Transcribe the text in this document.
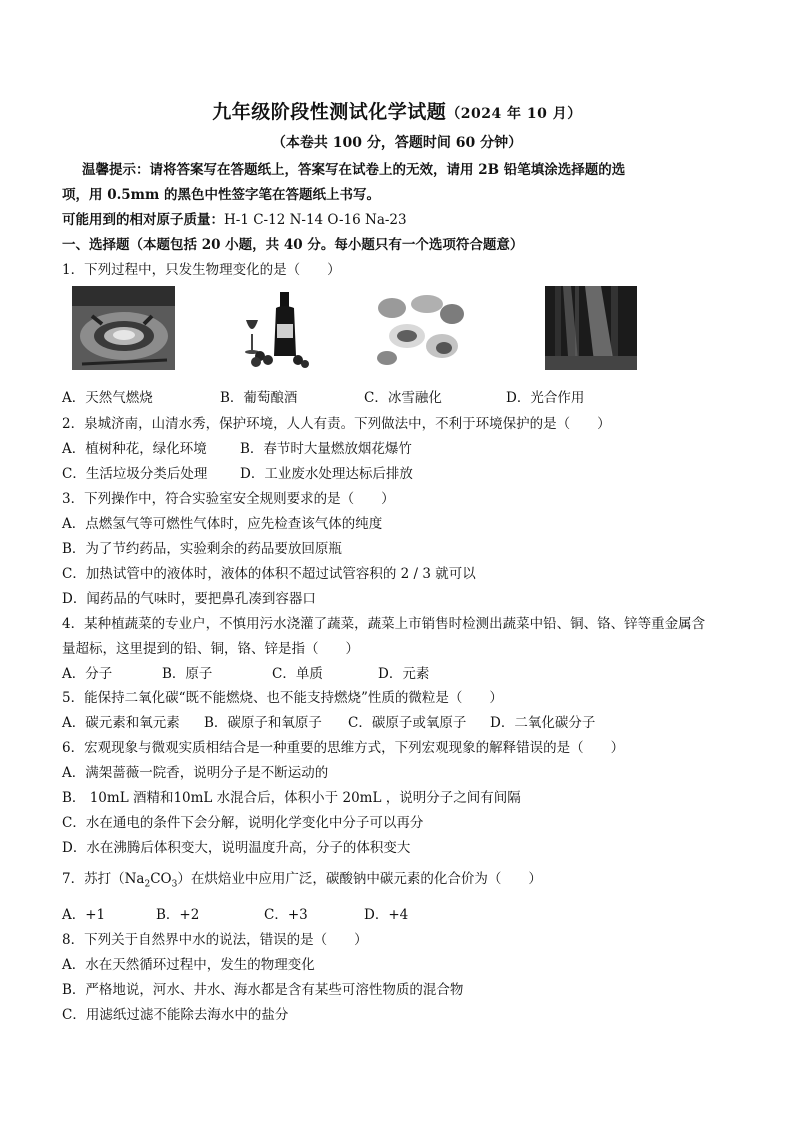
九年级阶段性测试化学试题（2024 年 10 月）
（本卷共 100 分，答题时间 60 分钟）
温馨提示：请将答案写在答题纸上，答案写在试卷上的无效，请用 2B 铅笔填涂选择题的选
项，用 0.5mm 的黑色中性签字笔在答题纸上书写。
可能用到的相对原子质量：H-1 C-12 N-14 O-16 Na-23
一、选择题（本题包括 20 小题，共 40 分。每小题只有一个选项符合题意）
1．下列过程中，只发生物理变化的是（　　）
A．天然气燃烧	B．葡萄酿酒	C．冰雪融化	D．光合作用
2．泉城济南，山清水秀，保护环境，人人有责。下列做法中，不利于环境保护的是（　　）
A．植树种花，绿化环境 B．春节时大量燃放烟花爆竹
C．生活垃圾分类后处理 D．工业废水处理达标后排放
3．下列操作中，符合实验室安全规则要求的是（　　）
A．点燃氢气等可燃性气体时，应先检查该气体的纯度
B．为了节约药品，实验剩余的药品要放回原瓶
C．加热试管中的液体时，液体的体积不超过试管容积的 2 / 3 就可以
D．闻药品的气味时，要把鼻孔凑到容器口
4．某种植蔬菜的专业户，不慎用污水浇灌了蔬菜，蔬菜上市销售时检测出蔬菜中铅、铜、铬、锌等重金属含
量超标，这里提到的铅、铜，铬、锌是指（　　）
A．分子	B．原子	C．单质	D．元素
5．能保持二氧化碳“既不能燃烧、也不能支持燃烧”性质的微粒是（　　）
A．碳元素和氧元素 B．碳原子和氧原子 C．碳原子或氧原子 D．二氧化碳分子
6．宏观现象与微观实质相结合是一种重要的思维方式，下列宏观现象的解释错误的是（　　）
A．满架蔷薇一院香，说明分子是不断运动的
B． 10mL 酒精和10mL 水混合后，体积小于 20mL ，说明分子之间有间隔
C．水在通电的条件下会分解，说明化学变化中分子可以再分
D．水在沸腾后体积变大，说明温度升高，分子的体积变大
7．苏打$(Na_2CO_3)$在烘焙业中应用广泛，碳酸钠中碳元素的化合价为（　　）
A．+1	B．+2	C．+3	D．+4
8．下列关于自然界中水的说法，错误的是（　　）
A．水在天然循环过程中，发生的物理变化
B．严格地说，河水、井水、海水都是含有某些可溶性物质的混合物
C．用滤纸过滤不能除去海水中的盐分
